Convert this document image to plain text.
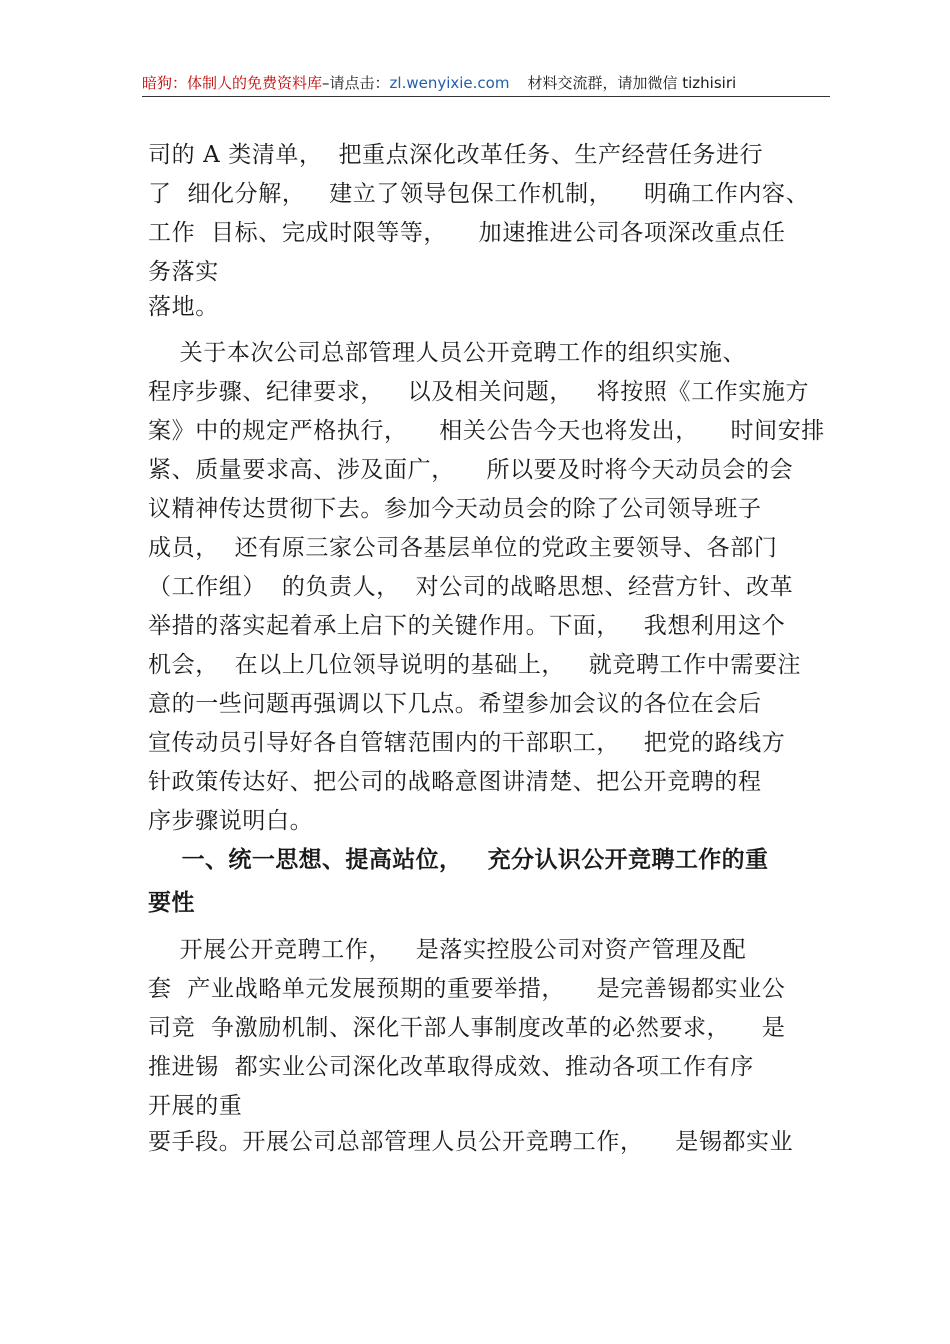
暗狗：体制人的免费资料库–请点击：zl.wenyixie.com 材料交流群，请加微信 tizhisiri
司的 A 类清单，  把重点深化改革任务、生产经营任务进行
了  细化分解，   建立了领导包保工作机制，    明确工作内容、
工作  目标、完成时限等等，    加速推进公司各项深改重点任
务落实
落地。
关于本次公司总部管理人员公开竞聘工作的组织实施、
程序步骤、纪律要求，   以及相关问题，   将按照《工作实施方
案》中的规定严格执行，    相关公告今天也将发出，    时间安排
紧、质量要求高、涉及面广，    所以要及时将今天动员会的会
议精神传达贯彻下去。参加今天动员会的除了公司领导班子
成员，  还有原三家公司各基层单位的党政主要领导、各部门
（工作组）  的负责人，  对公司的战略思想、经营方针、改革
举措的落实起着承上启下的关键作用。下面，   我想利用这个
机会，  在以上几位领导说明的基础上，   就竞聘工作中需要注
意的一些问题再强调以下几点。希望参加会议的各位在会后
宣传动员引导好各自管辖范围内的干部职工，   把党的路线方
针政策传达好、把公司的战略意图讲清楚、把公开竞聘的程
序步骤说明白。
一、统一思想、提高站位，   充分认识公开竞聘工作的重
要性
开展公开竞聘工作，   是落实控股公司对资产管理及配
套  产业战略单元发展预期的重要举措，    是完善锡都实业公
司竞  争激励机制、深化干部人事制度改革的必然要求，    是
推进锡  都实业公司深化改革取得成效、推动各项工作有序
开展的重
要手段。开展公司总部管理人员公开竞聘工作，    是锡都实业
